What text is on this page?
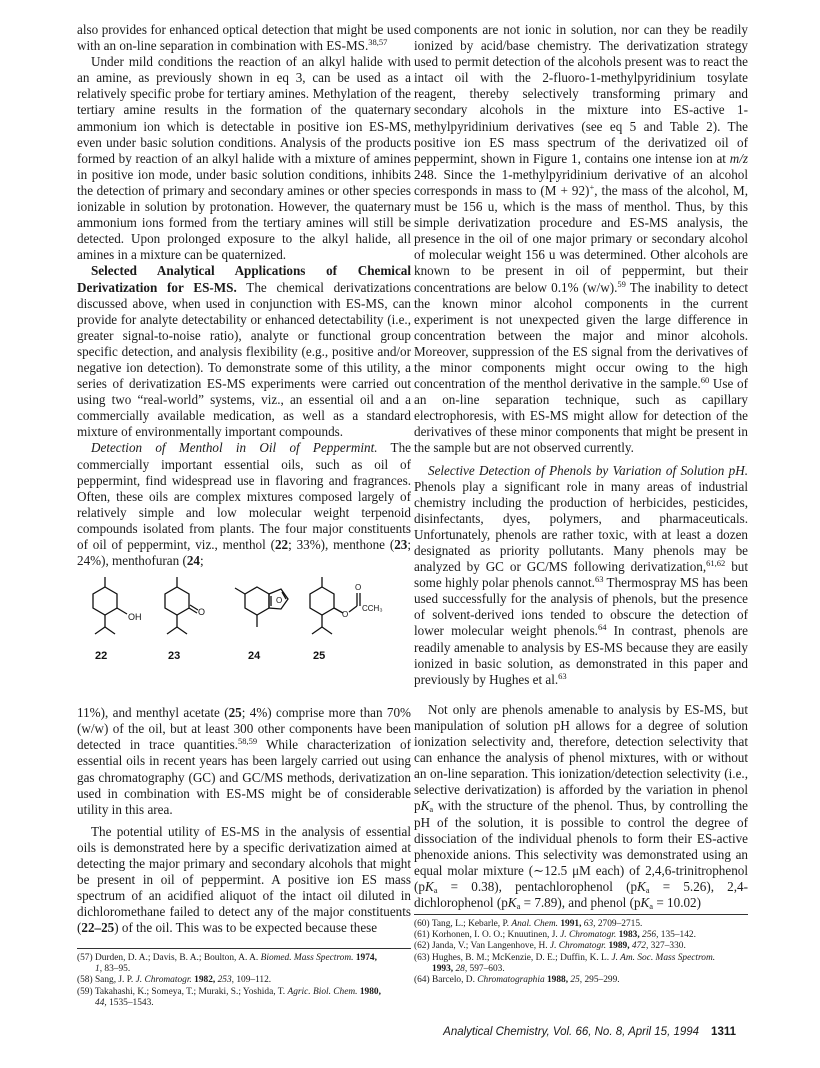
also provides for enhanced optical detection that might be used with an on-line separation in combination with ES-MS.$^{38,57}$

Under mild conditions the reaction of an alkyl halide with an amine, as previously shown in eq 3, can be used as a relatively specific probe for tertiary amines. Methylation of the tertiary amine results in the formation of the quaternary ammonium ion which is detectable in positive ion ES-MS, even under basic solution conditions. Analysis of the products formed by reaction of an alkyl halide with a mixture of amines in positive ion mode, under basic solution conditions, inhibits the detection of primary and secondary amines or other species ionizable in solution by protonation. However, the quaternary ammonium ions formed from the tertiary amines will still be detected. Upon prolonged exposure to the alkyl halide, all amines in a mixture can be quaternized.

Selected Analytical Applications of Chemical Derivatization for ES-MS. The chemical derivatizations discussed above, when used in conjunction with ES-MS, can provide for analyte detectability or enhanced detectability (i.e., greater signal-to-noise ratio), analyte or functional group specific detection, and analysis flexibility (e.g., positive and/or negative ion detection). To demonstrate some of this utility, a series of derivatization ES-MS experiments were carried out using two “real-world” systems, viz., an essential oil and a commercially available medication, as well as a standard mixture of environmentally important compounds.

Detection of Menthol in Oil of Peppermint. The commercially important essential oils, such as oil of peppermint, find widespread use in flavoring and fragrances. Often, these oils are complex mixtures composed largely of relatively simple and low molecular weight terpenoid compounds isolated from plants. The four major constituents of oil of peppermint, viz., menthol (22; 33%), menthone (23; 24%), menthofuran (24;

OH	O
O
O
O
CCH₃
22	23	24	25

11%), and menthyl acetate (25; 4%) comprise more than 70% (w/w) of the oil, but at least 300 other components have been detected in trace quantities.$^{58,59}$ While characterization of essential oils in recent years has been largely carried out using gas chromatography (GC) and GC/MS methods, derivatization used in combination with ES-MS might be of considerable utility in this area.

The potential utility of ES-MS in the analysis of essential oils is demonstrated here by a specific derivatization aimed at detecting the major primary and secondary alcohols that might be present in oil of peppermint. A positive ion ES mass spectrum of an acidified aliquot of the intact oil diluted in dichloromethane failed to detect any of the major constituents (22–25) of the oil. This was to be expected because these

(57) Durden, D. A.; Davis, B. A.; Boulton, A. A. Biomed. Mass Spectrom. 1974,
1, 83–95.
(58) Sang, J. P. J. Chromatogr. 1982, 253, 109–112.
(59) Takahashi, K.; Someya, T.; Muraki, S.; Yoshida, T. Agric. Biol. Chem. 1980,
44, 1535–1543.

components are not ionic in solution, nor can they be readily ionized by acid/base chemistry. The derivatization strategy used to permit detection of the alcohols present was to react the intact oil with the 2-fluoro-1-methylpyridinium tosylate reagent, thereby selectively transforming primary and secondary alcohols in the mixture into ES-active 1-methylpyridinium derivatives (see eq 5 and Table 2). The positive ion ES mass spectrum of the derivatized oil of peppermint, shown in Figure 1, contains one intense ion at m/z 248. Since the 1-methylpyridinium derivative of an alcohol corresponds in mass to (M + 92)+, the mass of the alcohol, M, must be 156 u, which is the mass of menthol. Thus, by this simple derivatization procedure and ES-MS analysis, the presence in the oil of one major primary or secondary alcohol of molecular weight 156 u was determined. Other alcohols are known to be present in oil of peppermint, but their concentrations are below 0.1% (w/w).$^{59}$ The inability to detect the known minor alcohol components in the current experiment is not unexpected given the large difference in concentration between the major and minor alcohols. Moreover, suppression of the ES signal from the derivatives of the minor components might occur owing to the high concentration of the menthol derivative in the sample.$^{60}$ Use of an on-line separation technique, such as capillary electrophoresis, with ES-MS might allow for detection of the derivatives of these minor components that might be present in the sample but are not observed currently.

Selective Detection of Phenols by Variation of Solution pH. Phenols play a significant role in many areas of industrial chemistry including the production of herbicides, pesticides, disinfectants, dyes, polymers, and pharmaceuticals. Unfortunately, phenols are rather toxic, with at least a dozen designated as priority pollutants. Many phenols may be analyzed by GC or GC/MS following derivatization,$^{61,62}$ but some highly polar phenols cannot.$^{63}$ Thermospray MS has been used successfully for the analysis of phenols, but the presence of solvent-derived ions tended to obscure the detection of lower molecular weight phenols.$^{64}$ In contrast, phenols are readily amenable to analysis by ES-MS because they are easily ionized in basic solution, as demonstrated in this paper and previously by Hughes et al.$^{63}$

Not only are phenols amenable to analysis by ES-MS, but manipulation of solution pH allows for a degree of solution ionization selectivity and, therefore, detection selectivity that can enhance the analysis of phenol mixtures, with or without an on-line separation. This ionization/detection selectivity (i.e., selective derivatization) is afforded by the variation in phenol $pK_a$ with the structure of the phenol. Thus, by controlling the pH of the solution, it is possible to control the degree of dissociation of the individual phenols to form their ES-active phenoxide anions. This selectivity was demonstrated using an equal molar mixture (∼12.5 μM each) of 2,4,6-trinitrophenol $(pK_a = 0.38)$, pentachlorophenol $(pK_a = 5.26)$, 2,4-dichlorophenol $(pK_a = 7.89)$, and phenol $(pK_a = 10.02)$

(60) Tang, L.; Kebarle, P. Anal. Chem. 1991, 63, 2709–2715.
(61) Korhonen, I. O. O.; Knuutinen, J. J. Chromatogr. 1983, 256, 135–142.
(62) Janda, V.; Van Langenhove, H. J. Chromatogr. 1989, 472, 327–330.
(63) Hughes, B. M.; McKenzie, D. E.; Duffin, K. L. J. Am. Soc. Mass Spectrom.
1993, 28, 597–603.
(64) Barcelo, D. Chromatographia 1988, 25, 295–299.
Analytical Chemistry, Vol. 66, No. 8, April 15, 1994 1311
